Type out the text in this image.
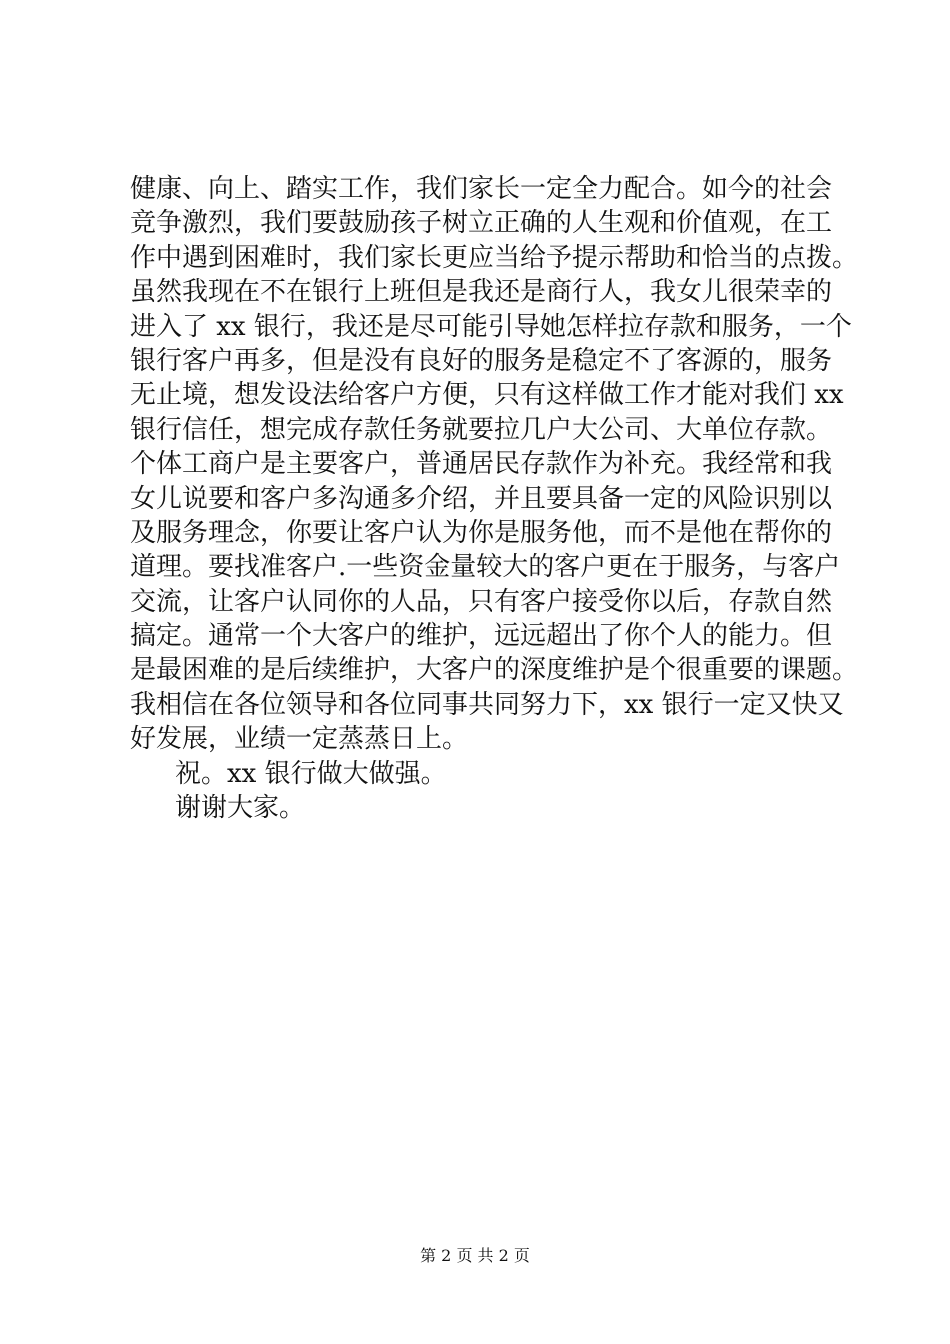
健康、向上、踏实工作，我们家长一定全力配合。如今的社会
竞争激烈，我们要鼓励孩子树立正确的人生观和价值观，在工
作中遇到困难时，我们家长更应当给予提示帮助和恰当的点拨。
虽然我现在不在银行上班但是我还是商行人，我女儿很荣幸的
进入了 xx 银行，我还是尽可能引导她怎样拉存款和服务，一个
银行客户再多，但是没有良好的服务是稳定不了客源的，服务
无止境，想发设法给客户方便，只有这样做工作才能对我们 xx
银行信任，想完成存款任务就要拉几户大公司、大单位存款。
个体工商户是主要客户，普通居民存款作为补充。我经常和我
女儿说要和客户多沟通多介绍，并且要具备一定的风险识别以
及服务理念，你要让客户认为你是服务他，而不是他在帮你的
道理。要找准客户.一些资金量较大的客户更在于服务，与客户
交流，让客户认同你的人品，只有客户接受你以后，存款自然
搞定。通常一个大客户的维护，远远超出了你个人的能力。但
是最困难的是后续维护，大客户的深度维护是个很重要的课题。
我相信在各位领导和各位同事共同努力下，xx 银行一定又快又
好发展，业绩一定蒸蒸日上。
祝。xx 银行做大做强。
谢谢大家。
第 2 页 共 2 页
